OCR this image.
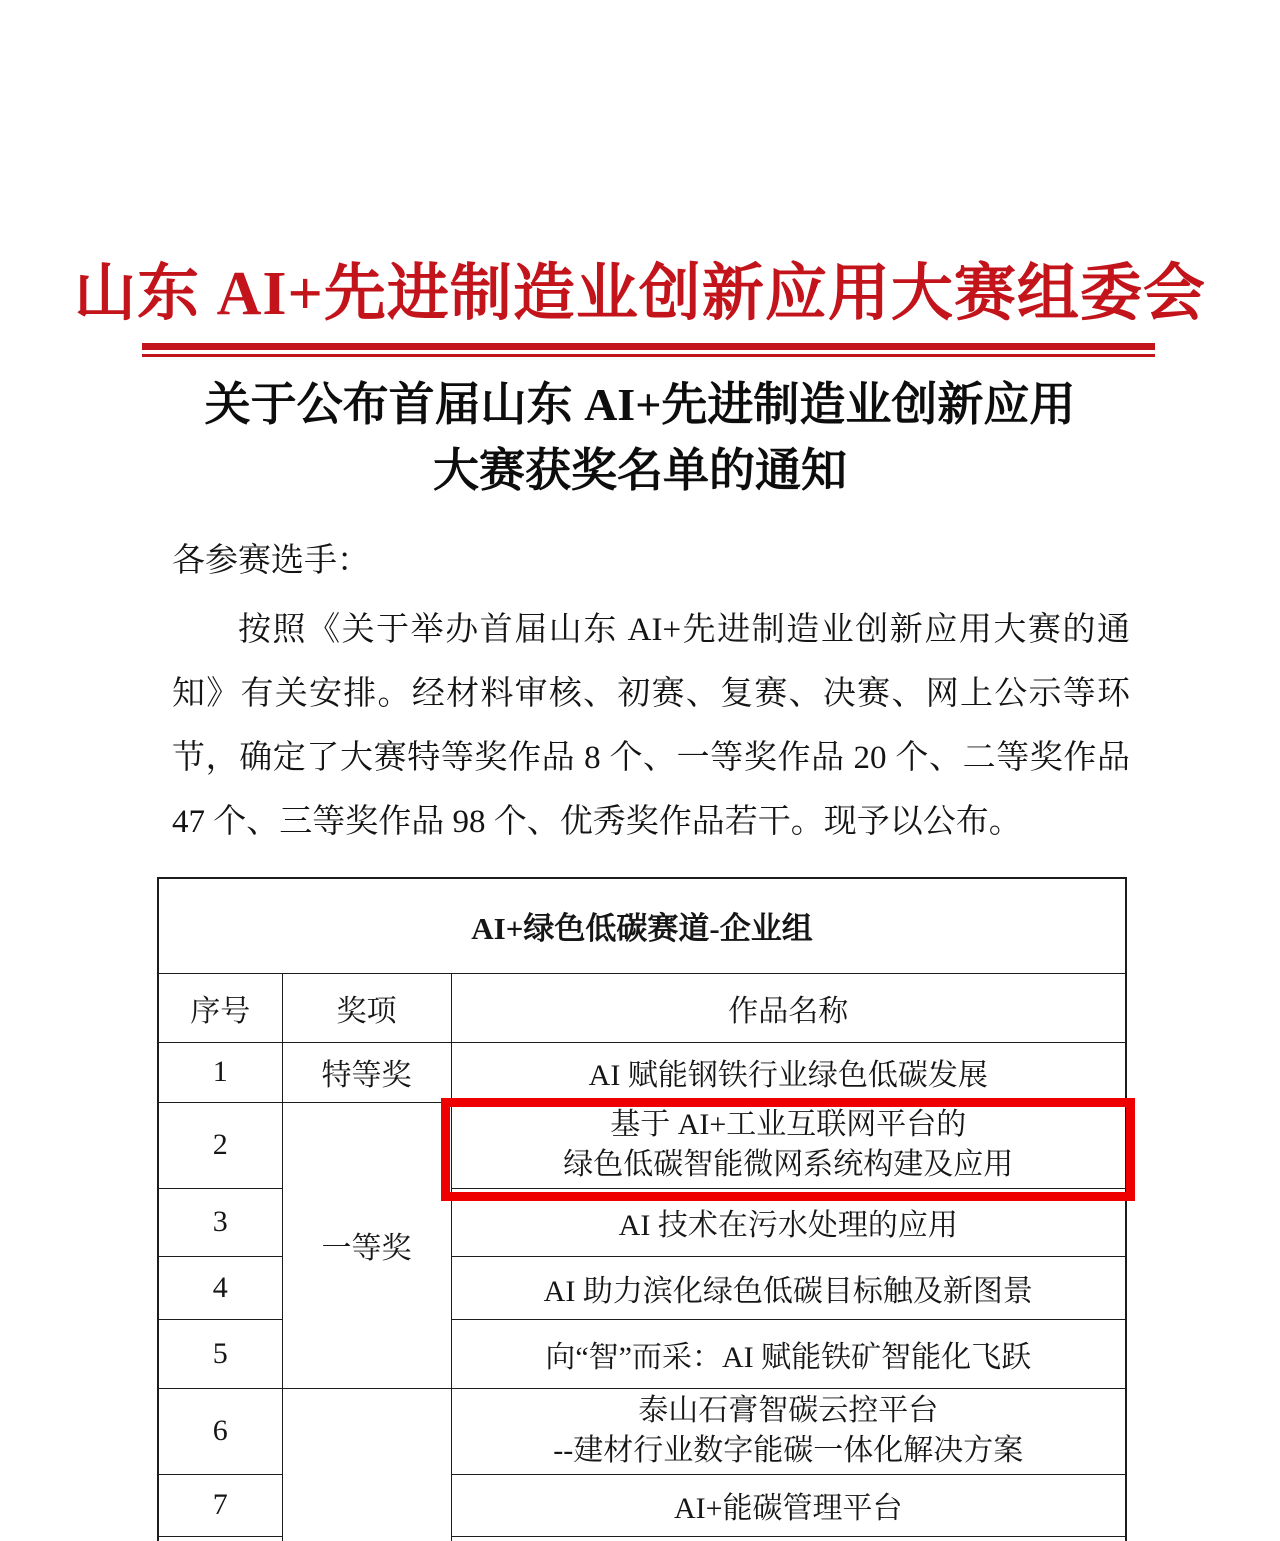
山东 AI+先进制造业创新应用大赛组委会
关于公布首届山东 AI+先进制造业创新应用
大赛获奖名单的通知
各参赛选手：
按照《关于举办首届山东 AI+先进制造业创新应用大赛的通知》有关安排。经材料审核、初赛、复赛、决赛、网上公示等环节，确定了大赛特等奖作品 8 个、一等奖作品 20 个、二等奖作品 47 个、三等奖作品 98 个、优秀奖作品若干。现予以公布。
AI+绿色低碳赛道-企业组		
序号	奖项	作品名称
1	特等奖	AI 赋能钢铁行业绿色低碳发展
2	一等奖	基于 AI+工业互联网平台的
绿色低碳智能微网系统构建及应用

3		AI 技术在污水处理的应用
4		AI 助力滨化绿色低碳目标触及新图景
5		向“智”而采：AI 赋能铁矿智能化飞跃
6		泰山石膏智碳云控平台
--建材行业数字能碳一体化解决方案

7		AI+能碳管理平台
